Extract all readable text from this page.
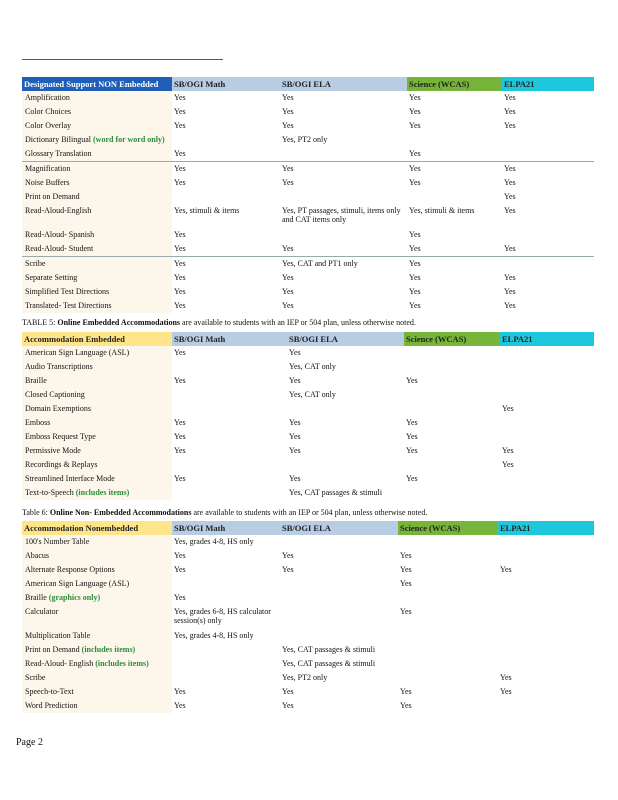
Designated Support NON Embedded	SB/OGI Math	SB/OGI ELA	Science (WCAS)	ELPA21
Amplification	Yes	Yes	Yes	Yes
Color Choices	Yes	Yes	Yes	Yes
Color Overlay	Yes	Yes	Yes	Yes
Dictionary Bilingual (word for word only)		Yes, PT2 only		
Glossary Translation	Yes		Yes	
Magnification	Yes	Yes	Yes	Yes
Noise Buffers	Yes	Yes	Yes	Yes
Print on Demand				Yes
Read-Aloud-English	Yes, stimuli & items	Yes, PT passages, stimuli, items only and CAT items only	Yes, stimuli & items	Yes
Read-Aloud- Spanish	Yes		Yes	
Read-Aloud- Student	Yes	Yes	Yes	Yes
Scribe	Yes	Yes, CAT and PT1 only	Yes	
Separate Setting	Yes	Yes	Yes	Yes
Simplified Test Directions	Yes	Yes	Yes	Yes
Translated- Test Directions	Yes	Yes	Yes	Yes
TABLE 5: Online Embedded Accommodations are available to students with an IEP or 504 plan, unless otherwise noted.
Accommodation Embedded	SB/OGI Math	SB/OGI ELA	Science (WCAS)	ELPA21
American Sign Language (ASL)	Yes	Yes		
Audio Transcriptions		Yes, CAT only		
Braille	Yes	Yes	Yes	
Closed Captioning		Yes, CAT only		
Domain Exemptions				Yes
Emboss	Yes	Yes	Yes	
Emboss Request Type	Yes	Yes	Yes	
Permissive Mode	Yes	Yes	Yes	Yes
Recordings & Replays				Yes
Streamlined Interface Mode	Yes	Yes	Yes	
Text-to-Speech (includes items)		Yes, CAT passages & stimuli		
Table 6: Online Non- Embedded Accommodations are available to students with an IEP or 504 plan, unless otherwise noted.
Accommodation Nonembedded	SB/OGI Math	SB/OGI ELA	Science (WCAS)	ELPA21
100's Number Table	Yes, grades 4-8, HS only			
Abacus	Yes	Yes	Yes	
Alternate Response Options	Yes	Yes	Yes	Yes
American Sign Language (ASL)			Yes	
Braille (graphics only)	Yes			
Calculator	Yes, grades 6-8, HS calculator session(s) only		Yes	
Multiplication Table	Yes, grades 4-8, HS only			
Print on Demand (includes items)		Yes, CAT passages & stimuli		
Read-Aloud- English (includes items)		Yes, CAT passages & stimuli		
Scribe		Yes, PT2 only		Yes
Speech-to-Text	Yes	Yes	Yes	Yes
Word Prediction	Yes	Yes	Yes	
Page 2
